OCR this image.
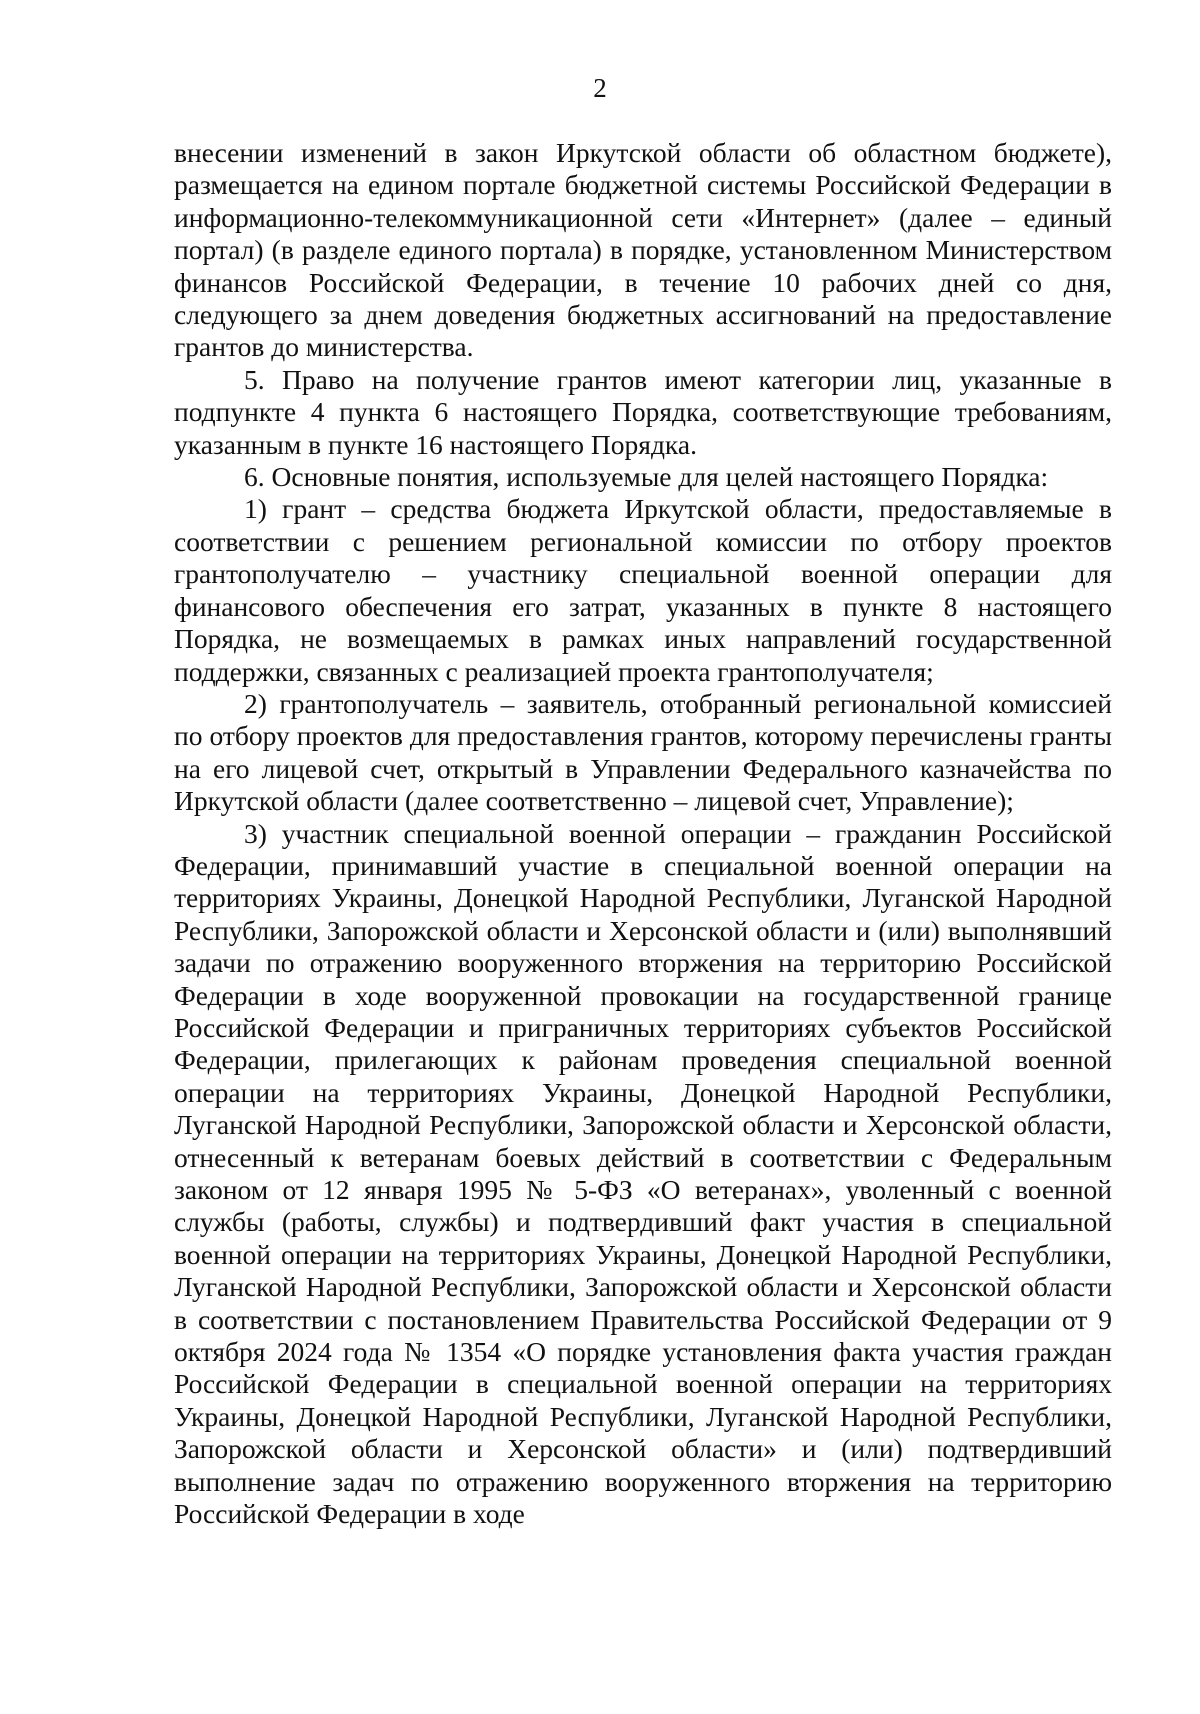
2

внесении изменений в закон Иркутской области об областном бюджете), размещается на едином портале бюджетной системы Российской Федерации в информационно-телекоммуникационной сети «Интернет» (далее – единый портал) (в разделе единого портала) в порядке, установленном Министерством финансов Российской Федерации, в течение 10 рабочих дней со дня, следующего за днем доведения бюджетных ассигнований на предоставление грантов до министерства.

5. Право на получение грантов имеют категории лиц, указанные в подпункте 4 пункта 6 настоящего Порядка, соответствующие требованиям, указанным в пункте 16 настоящего Порядка.

6. Основные понятия, используемые для целей настоящего Порядка:

1) грант – средства бюджета Иркутской области, предоставляемые в соответствии с решением региональной комиссии по отбору проектов грантополучателю – участнику специальной военной операции для финансового обеспечения его затрат, указанных в пункте 8 настоящего Порядка, не возмещаемых в рамках иных направлений государственной поддержки, связанных с реализацией проекта грантополучателя;

2) грантополучатель – заявитель, отобранный региональной комиссией по отбору проектов для предоставления грантов, которому перечислены гранты на его лицевой счет, открытый в Управлении Федерального казначейства по Иркутской области (далее соответственно – лицевой счет, Управление);

3) участник специальной военной операции – гражданин Российской Федерации, принимавший участие в специальной военной операции на территориях Украины, Донецкой Народной Республики, Луганской Народной Республики, Запорожской области и Херсонской области и (или) выполнявший задачи по отражению вооруженного вторжения на территорию Российской Федерации в ходе вооруженной провокации на государственной границе Российской Федерации и приграничных территориях субъектов Российской Федерации, прилегающих к районам проведения специальной военной операции на территориях Украины, Донецкой Народной Республики, Луганской Народной Республики, Запорожской области и Херсонской области, отнесенный к ветеранам боевых действий в соответствии с Федеральным законом от 12 января 1995 № 5-ФЗ «О ветеранах», уволенный с военной службы (работы, службы) и подтвердивший факт участия в специальной военной операции на территориях Украины, Донецкой Народной Республики, Луганской Народной Республики, Запорожской области и Херсонской области в соответствии с постановлением Правительства Российской Федерации от 9 октября 2024 года № 1354 «О порядке установления факта участия граждан Российской Федерации в специальной военной операции на территориях Украины, Донецкой Народной Республики, Луганской Народной Республики, Запорожской области и Херсонской области» и (или) подтвердивший выполнение задач по отражению вооруженного вторжения на территорию Российской Федерации в ходе
